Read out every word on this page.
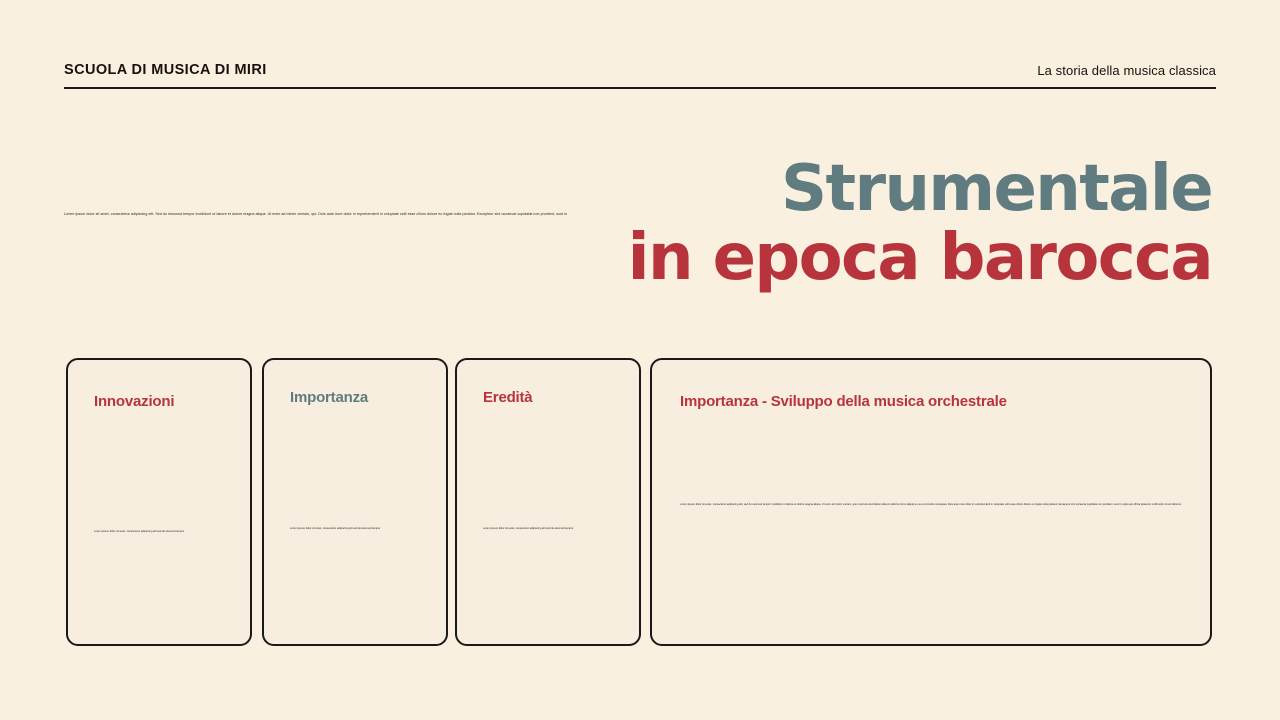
SCUOLA DI MUSICA DI MIRI	La storia della musica classica
Lorem ipsum dolor sit amet, consectetur adipiscing elit. Sed do eiusmod tempor incididunt ut labore et dolore magna aliqua. Ut enim ad minim veniam, qui. Duis aute irure dolor in reprehenderit in voluptate velit esse cillum dolore eu fugiat nulla pariatur. Excepteur sint occaecat cupidatat non proident, sunt in	Strumentale
in epoca barocca
Innovazioni
Lorem ipsum dolor sit amet, consectetur adipiscing elit sed do eiusmod tempor
Importanza
Lorem ipsum dolor sit amet, consectetur adipiscing elit sed do eiusmod tempor
Eredità
Lorem ipsum dolor sit amet, consectetur adipiscing elit sed do eiusmod tempor
Importanza - Sviluppo della musica orchestrale
Lorem ipsum dolor sit amet, consectetur adipiscing elit, sed do eiusmod tempor incididunt ut labore et dolore magna aliqua. Ut enim ad minim veniam, quis nostrud exercitation ullamco laboris nisi ut aliquip ex ea commodo consequat. Duis aute irure dolor in reprehenderit in voluptate velit esse cillum dolore eu fugiat nulla pariatur. Excepteur sint occaecat cupidatat non proident, sunt in culpa qui officia deserunt mollit anim id est laborum.
